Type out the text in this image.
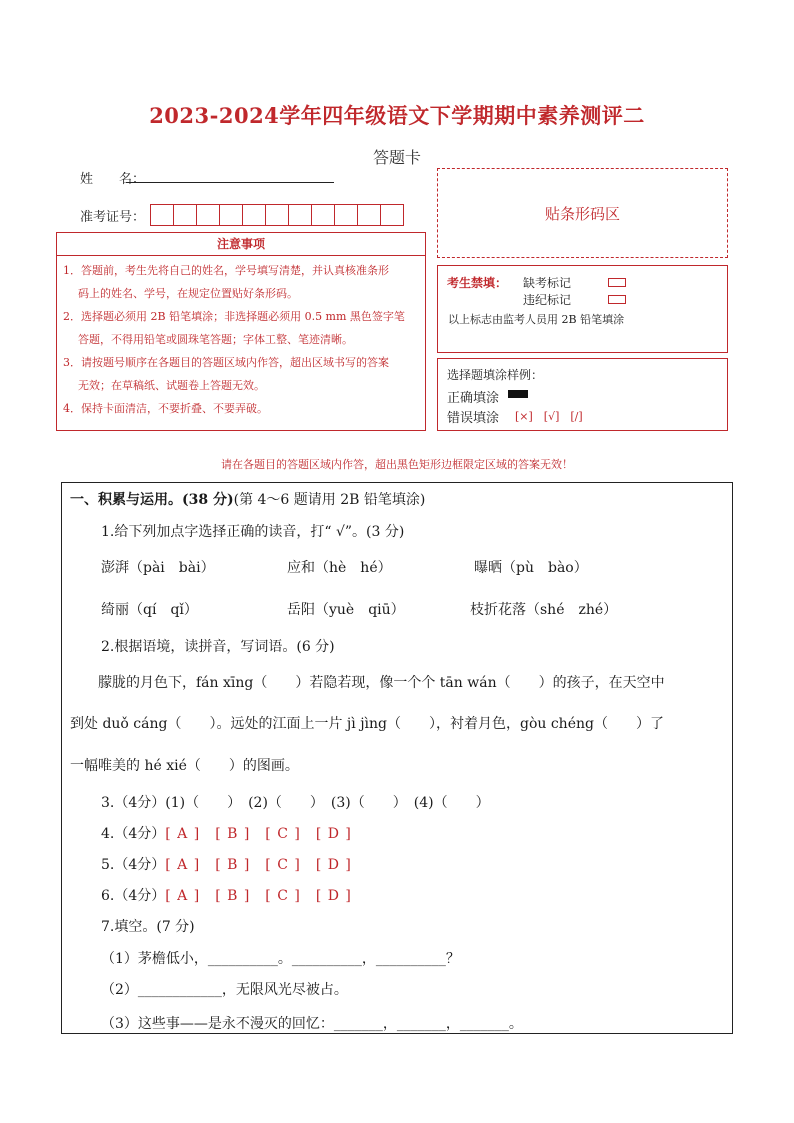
2023-2024学年四年级语文下学期期中素养测评二
答题卡
姓　　名：
准考证号：	贴条形码区
注意事项
1．答题前，考生先将自己的姓名，学号填写清楚，并认真核准条形
码上的姓名、学号，在规定位置贴好条形码。
2．选择题必须用 2B 铅笔填涂；非选择题必须用 0.5 mm 黑色签字笔
答题，不得用铅笔或圆珠笔答题；字体工整、笔迹清晰。
3．请按题号顺序在各题目的答题区域内作答，超出区域书写的答案
无效；在草稿纸、试题卷上答题无效。
4．保持卡面清洁，不要折叠、不要弄破。
考生禁填： 缺考标记
违纪标记
以上标志由监考人员用 2B 铅笔填涂
选择题填涂样例：
正确填涂
错误填涂 [×]　[√]　[/]
请在各题目的答题区域内作答，超出黑色矩形边框限定区域的答案无效！
一、积累与运用。(38 分)(第 4～6 题请用 2B 铅笔填涂)
1.给下列加点字选择正确的读音，打“ √”。(3 分)
澎湃（pài　bài）	应和（hè　hé）	曝晒（pù　bào）
绮丽（qí　qǐ）	岳阳（yuè　qiū）	枝折花落（shé　zhé）
2.根据语境，读拼音，写词语。(6 分)
　　朦胧的月色下，fán xīng（　　）若隐若现，像一个个 tān wán（　　）的孩子，在天空中
到处 duǒ cáng（　　）。远处的江面上一片 jì jìng（　　），衬着月色，gòu chéng（　　）了
一幅唯美的 hé xié（　　）的图画。
3.（4分）(1)（　　）　(2)（　　）　(3)（　　）　(4)（　　）
4.（4分）[ A ]　[ B ]　[ C ]　[ D ]
5.（4分）[ A ]　[ B ]　[ C ]　[ D ]
6.（4分）[ A ]　[ B ]　[ C ]　[ D ]
7.填空。(7 分)
（1）茅檐低小，__________。__________，__________？
（2）____________，无限风光尽被占。
（3）这些事——是永不漫灭的回忆：_______，_______，_______。
